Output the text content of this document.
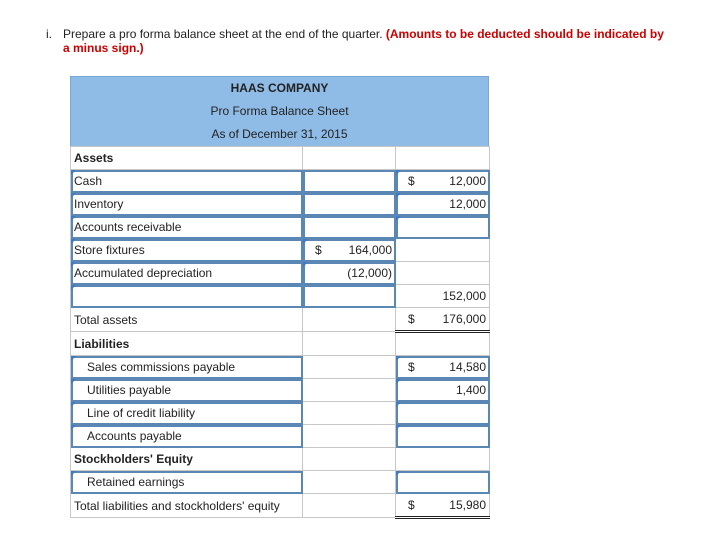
i. Prepare a pro forma balance sheet at the end of the quarter. (Amounts to be deducted should be indicated by a minus sign.)
HAAS COMPANY
Pro Forma Balance Sheet
As of December 31, 2015
Assets		

Cash		$ 12,000

Inventory		12,000

Accounts receivable		

Store fixtures	$ 164,000	

Accumulated depreciation	(12,000)	

		152,000
Total assets		$ 176,000

Liabilities		

Sales commissions payable		$ 14,580

Utilities payable		1,400

Line of credit liability		

Accounts payable		

Stockholders' Equity		

Retained earnings		

Total liabilities and stockholders' equity		$ 15,980
